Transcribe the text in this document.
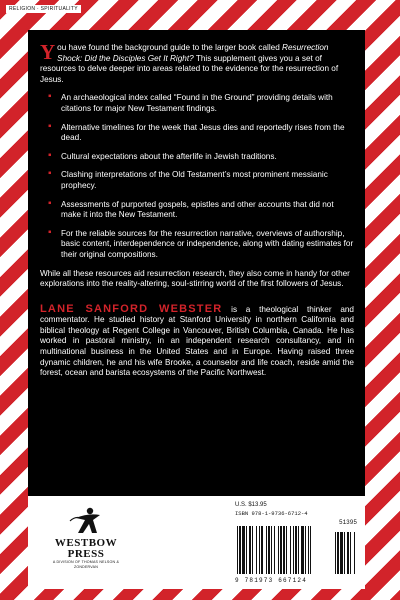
RELIGION · SPIRITUALITY

You have found the background guide to the larger book called Resurrection Shock: Did the Disciples Get It Right? This supplement gives you a set of resources to delve deeper into areas related to the evidence for the resurrection of Jesus.

▪ An archaeological index called “Found in the Ground” providing details with citations for major New Testament findings.
▪ Alternative timelines for the week that Jesus dies and reportedly rises from the dead.
▪ Cultural expectations about the afterlife in Jewish traditions.
▪ Clashing interpretations of the Old Testament’s most prominent messianic prophecy.
▪ Assessments of purported gospels, epistles and other accounts that did not make it into the New Testament.
▪ For the reliable sources for the resurrection narrative, overviews of authorship, basic content, interdependence or independence, along with dating estimates for their original compositions.

While all these resources aid resurrection research, they also come in handy for other explorations into the reality-altering, soul-stirring world of the first followers of Jesus.

LANE SANFORD WEBSTER is a theological thinker and commentator. He studied history at Stanford University in northern California and biblical theology at Regent College in Vancouver, British Columbia, Canada. He has worked in pastoral ministry, in an independent research consultancy, and in multinational business in the United States and in Europe. Having raised three dynamic children, he and his wife Brooke, a counselor and life coach, reside amid the forest, ocean and barista ecosystems of the Pacific Northwest.

WESTBOW
PRESS
A DIVISION OF THOMAS NELSON & ZONDERVAN
U.S. $13.95
ISBN 978-1-9736-6712-4
51395
9 781973 667124
